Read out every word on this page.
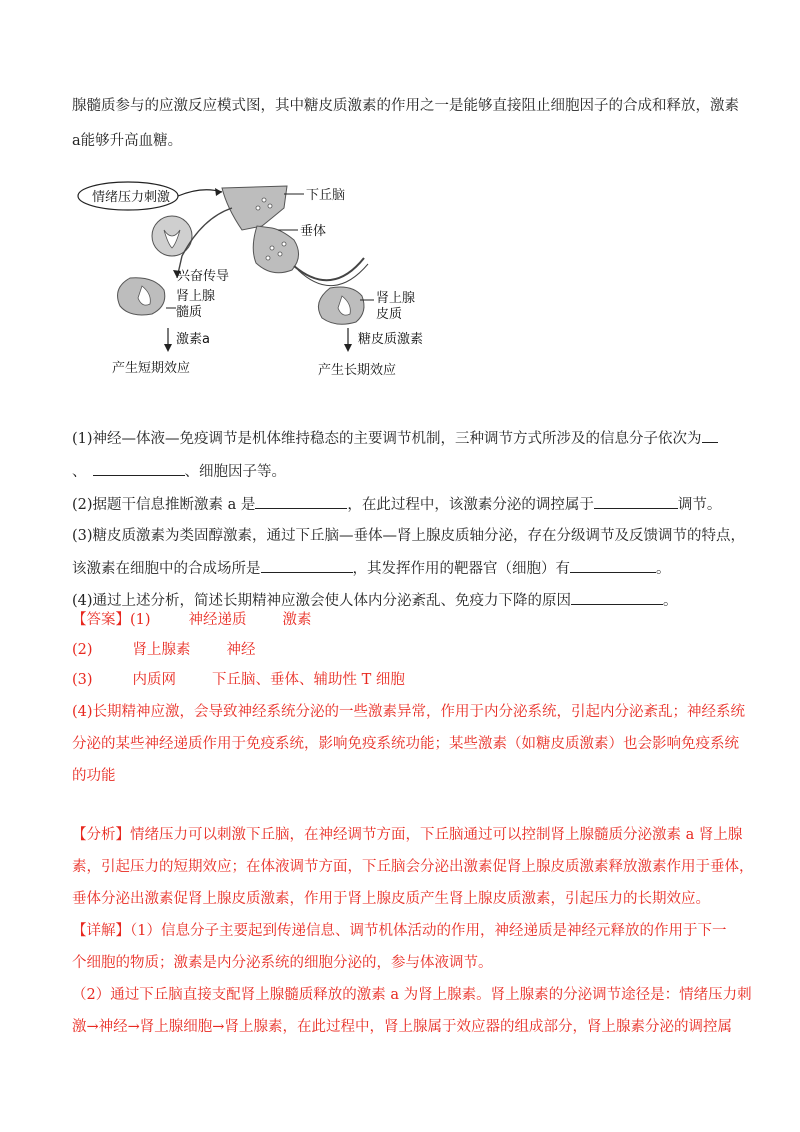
腺髓质参与的应激反应模式图，其中糖皮质激素的作用之一是能够直接阻止细胞因子的合成和释放，激素
a能够升高血糖。
情绪压力刺激	下丘脑
垂体
兴奋传导
肾上腺
髓质
激素a
产生短期效应
肾上腺
皮质
糖皮质激素
产生长期效应
(1)神经—体液—免疫调节是机体维持稳态的主要调节机制，三种调节方式所涉及的信息分子依次为
、	、细胞因子等。
(2)据题干信息推断激素 a 是	，在此过程中，该激素分泌的调控属于	调节。
(3)糖皮质激素为类固醇激素，通过下丘脑—垂体—肾上腺皮质轴分泌，存在分级调节及反馈调节的特点，
该激素在细胞中的合成场所是	，其发挥作用的靶器官（细胞）有	。
(4)通过上述分析，简述长期精神应激会使人体内分泌紊乱、免疫力下降的原因	。
【答案】(1)	神经递质 激素
(2)	肾上腺素 神经
(3)	内质网 下丘脑、垂体、辅助性 T 细胞
(4)长期精神应激，会导致神经系统分泌的一些激素异常，作用于内分泌系统，引起内分泌紊乱；神经系统
分泌的某些神经递质作用于免疫系统，影响免疫系统功能；某些激素（如糖皮质激素）也会影响免疫系统
的功能
【分析】情绪压力可以刺激下丘脑，在神经调节方面，下丘脑通过可以控制肾上腺髓质分泌激素 a 肾上腺
素，引起压力的短期效应；在体液调节方面，下丘脑会分泌出激素促肾上腺皮质激素释放激素作用于垂体，
垂体分泌出激素促肾上腺皮质激素，作用于肾上腺皮质产生肾上腺皮质激素，引起压力的长期效应。
【详解】（1）信息分子主要起到传递信息、调节机体活动的作用，神经递质是神经元释放的作用于下一
个细胞的物质；激素是内分泌系统的细胞分泌的，参与体液调节。
（2）通过下丘脑直接支配肾上腺髓质释放的激素 a 为肾上腺素。肾上腺素的分泌调节途径是：情绪压力刺
激→神经→肾上腺细胞→肾上腺素，在此过程中，肾上腺属于效应器的组成部分，肾上腺素分泌的调控属
